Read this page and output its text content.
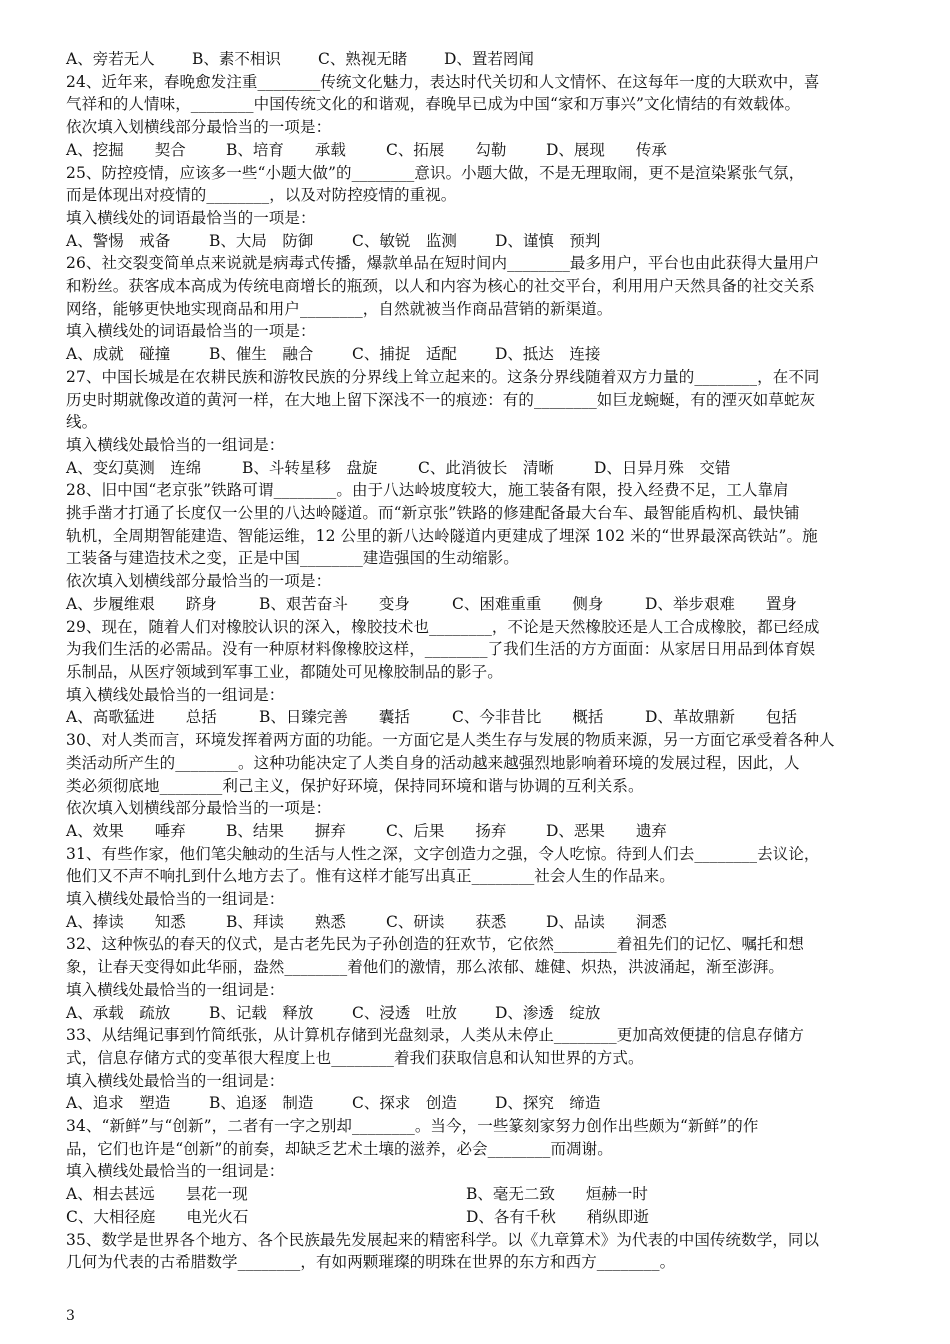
A、旁若无人	B、素不相识	C、熟视无睹	D、置若罔闻
24、近年来，春晚愈发注重________传统文化魅力，表达时代关切和人文情怀、在这每年一度的大联欢中，喜
气祥和的人情味，________中国传统文化的和谐观，春晚早已成为中国“家和万事兴”文化情结的有效载体。
依次填入划横线部分最恰当的一项是：
A、挖掘　　契合	B、培育　　承载	C、拓展　　勾勒	D、展现　　传承
25、防控疫情，应该多一些“小题大做”的________意识。小题大做，不是无理取闹，更不是渲染紧张气氛，
而是体现出对疫情的________，以及对防控疫情的重视。
填入横线处的词语最恰当的一项是：
A、警惕　戒备	B、大局　防御	C、敏锐　监测	D、谨慎　预判
26、社交裂变简单点来说就是病毒式传播，爆款单品在短时间内________最多用户，平台也由此获得大量用户
和粉丝。获客成本高成为传统电商增长的瓶颈，以人和内容为核心的社交平台，利用用户天然具备的社交关系
网络，能够更快地实现商品和用户________，自然就被当作商品营销的新渠道。
填入横线处的词语最恰当的一项是：
A、成就　碰撞	B、催生　融合	C、捕捉　适配	D、抵达　连接
27、中国长城是在农耕民族和游牧民族的分界线上耸立起来的。这条分界线随着双方力量的________，在不同
历史时期就像改道的黄河一样，在大地上留下深浅不一的痕迹：有的________如巨龙蜿蜒，有的湮灭如草蛇灰
线。
填入横线处最恰当的一组词是：
A、变幻莫测　连绵	B、斗转星移　盘旋	C、此消彼长　清晰	D、日异月殊　交错
28、旧中国“老京张”铁路可谓________。由于八达岭坡度较大，施工装备有限，投入经费不足，工人靠肩
挑手凿才打通了长度仅一公里的八达岭隧道。而“新京张”铁路的修建配备最大台车、最智能盾构机、最快铺
轨机，全周期智能建造、智能运维，12 公里的新八达岭隧道内更建成了埋深 102 米的“世界最深高铁站”。施
工装备与建造技术之变，正是中国________建造强国的生动缩影。
依次填入划横线部分最恰当的一项是：
A、步履维艰　　跻身	B、艰苦奋斗　　变身	C、困难重重　　侧身	D、举步艰难　　置身
29、现在，随着人们对橡胶认识的深入，橡胶技术也________，不论是天然橡胶还是人工合成橡胶，都已经成
为我们生活的必需品。没有一种原材料像橡胶这样，________了我们生活的方方面面：从家居日用品到体育娱
乐制品，从医疗领域到军事工业，都随处可见橡胶制品的影子。
填入横线处最恰当的一组词是：
A、高歌猛进　　总括	B、日臻完善　　囊括	C、今非昔比　　概括	D、革故鼎新　　包括
30、对人类而言，环境发挥着两方面的功能。一方面它是人类生存与发展的物质来源，另一方面它承受着各种人
类活动所产生的________。这种功能决定了人类自身的活动越来越强烈地影响着环境的发展过程，因此，人
类必须彻底地________利己主义，保护好环境，保持同环境和谐与协调的互利关系。
依次填入划横线部分最恰当的一项是：
A、效果　　唾弃	B、结果　　摒弃	C、后果　　扬弃	D、恶果　　遗弃
31、有些作家，他们笔尖触动的生活与人性之深，文字创造力之强，令人吃惊。待到人们去________去议论，
他们又不声不响扎到什么地方去了。惟有这样才能写出真正________社会人生的作品来。
填入横线处最恰当的一组词是：
A、捧读　　知悉	B、拜读　　熟悉	C、研读　　获悉	D、品读　　洞悉
32、这种恢弘的春天的仪式，是古老先民为子孙创造的狂欢节，它依然________着祖先们的记忆、嘱托和想
象，让春天变得如此华丽，盎然________着他们的激情，那么浓郁、雄健、炽热，洪波涌起，渐至澎湃。
填入横线处最恰当的一组词是：
A、承载　疏放	B、记载　释放	C、浸透　吐放	D、渗透　绽放
33、从结绳记事到竹简纸张，从计算机存储到光盘刻录，人类从未停止________更加高效便捷的信息存储方
式，信息存储方式的变革很大程度上也________着我们获取信息和认知世界的方式。
填入横线处最恰当的一组词是：
A、追求　塑造	B、追逐　制造	C、探求　创造	D、探究　缔造
34、“新鲜”与“创新”，二者有一字之别却________。当今，一些篆刻家努力创作出些颇为“新鲜”的作
品，它们也许是“创新”的前奏，却缺乏艺术土壤的滋养，必会________而凋谢。
填入横线处最恰当的一组词是：
A、相去甚远　　昙花一现	B、毫无二致　　烜赫一时
C、大相径庭　　电光火石	D、各有千秋　　稍纵即逝
35、数学是世界各个地方、各个民族最先发展起来的精密科学。以《九章算术》为代表的中国传统数学，同以
几何为代表的古希腊数学________，有如两颗璀璨的明珠在世界的东方和西方________。
3
